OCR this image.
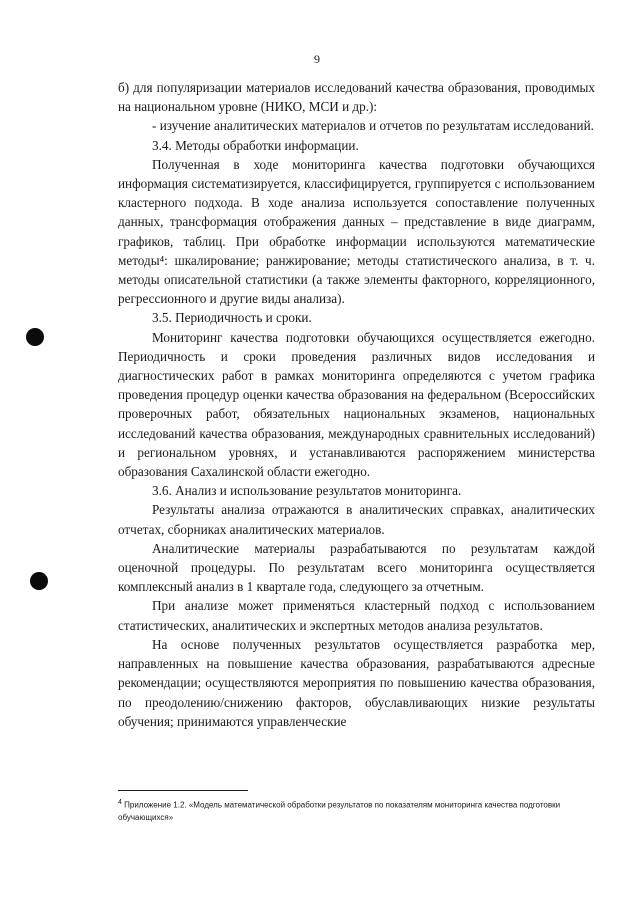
9

б) для популяризации материалов исследований качества образования, проводимых на национальном уровне (НИКО, МСИ и др.):

- изучение аналитических материалов и отчетов по результатам исследований.

3.4. Методы обработки информации.

Полученная в ходе мониторинга качества подготовки обучающихся информация систематизируется, классифицируется, группируется с использованием кластерного подхода. В ходе анализа используется сопоставление полученных данных, трансформация отображения данных – представление в виде диаграмм, графиков, таблиц. При обработке информации используются математические методы⁴: шкалирование; ранжирование; методы статистического анализа, в т. ч. методы описательной статистики (а также элементы факторного, корреляционного, регрессионного и другие виды анализа).

3.5. Периодичность и сроки.

Мониторинг качества подготовки обучающихся осуществляется ежегодно. Периодичность и сроки проведения различных видов исследования и диагностических работ в рамках мониторинга определяются с учетом графика проведения процедур оценки качества образования на федеральном (Всероссийских проверочных работ, обязательных национальных экзаменов, национальных исследований качества образования, международных сравнительных исследований) и региональном уровнях, и устанавливаются распоряжением министерства образования Сахалинской области ежегодно.

3.6. Анализ и использование результатов мониторинга.

Результаты анализа отражаются в аналитических справках, аналитических отчетах, сборниках аналитических материалов.

Аналитические материалы разрабатываются по результатам каждой оценочной процедуры. По результатам всего мониторинга осуществляется комплексный анализ в 1 квартале года, следующего за отчетным.

При анализе может применяться кластерный подход с использованием статистических, аналитических и экспертных методов анализа результатов.

На основе полученных результатов осуществляется разработка мер, направленных на повышение качества образования, разрабатываются адресные рекомендации; осуществляются мероприятия по повышению качества образования, по преодолению/снижению факторов, обуславливающих низкие результаты обучения; принимаются управленческие

$^4$ Приложение 1.2. «Модель математической обработки результатов по показателям мониторинга качества подготовки обучающихся»
